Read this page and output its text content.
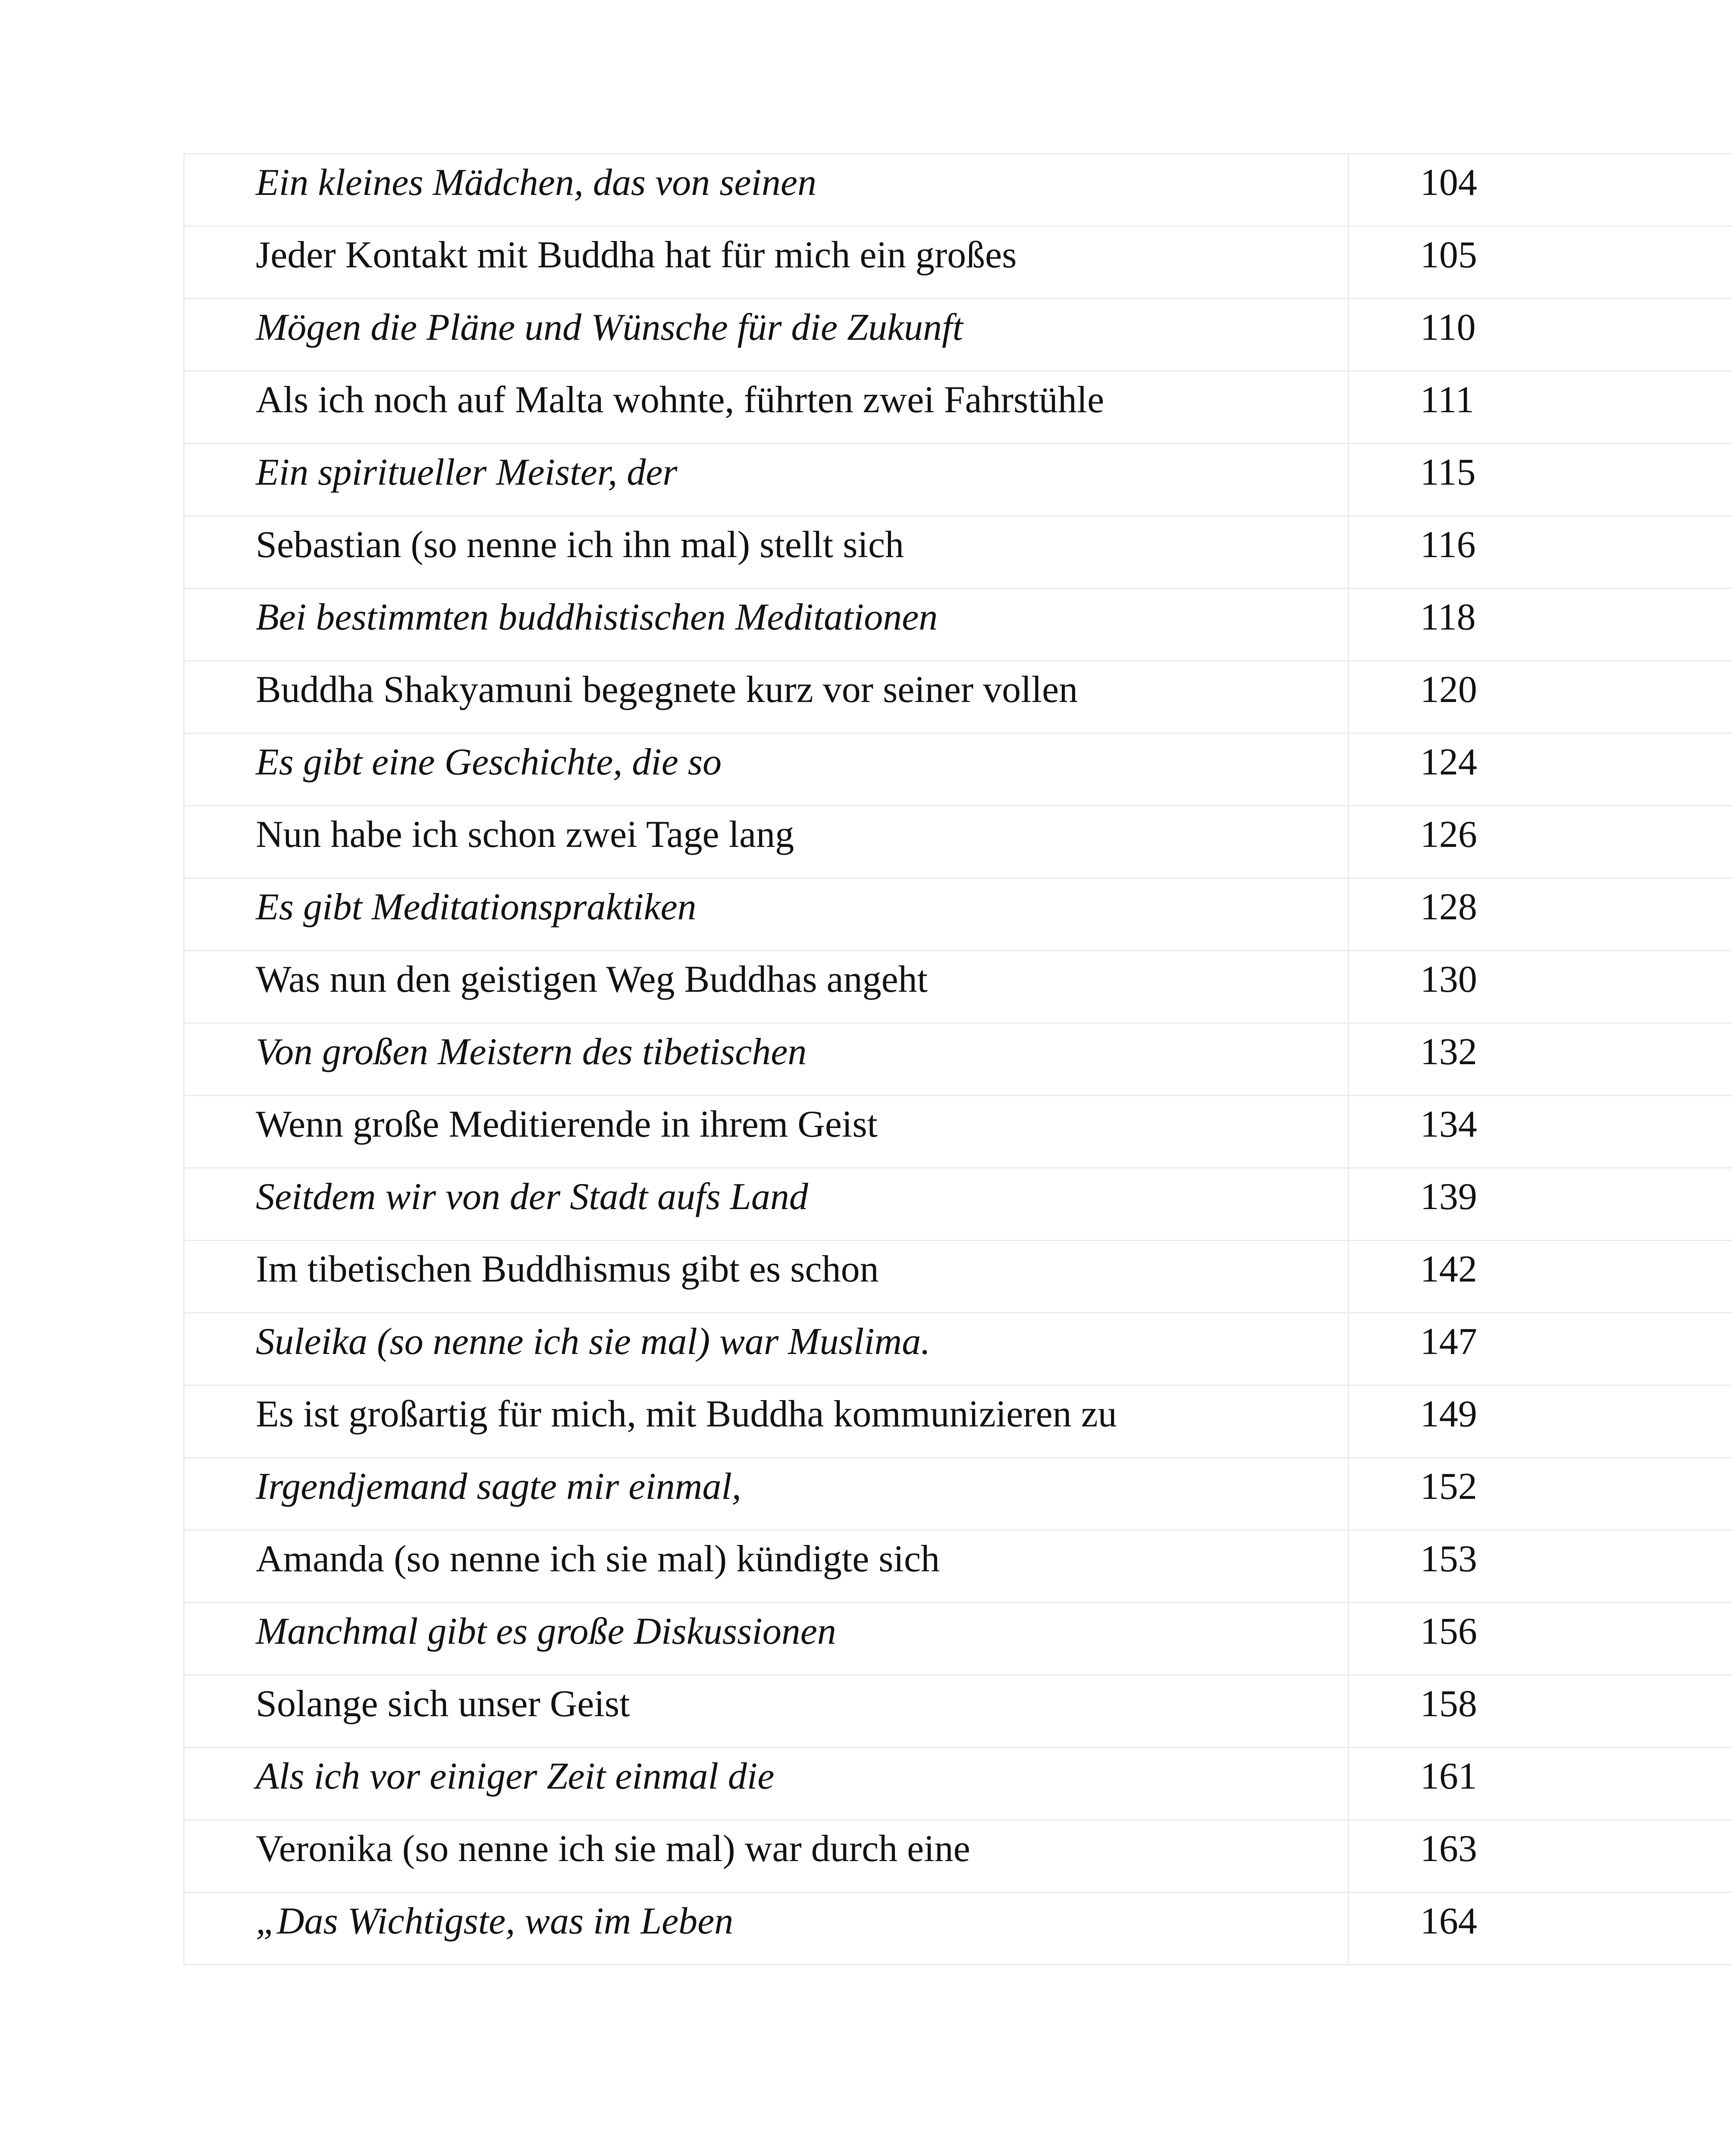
Ein kleines Mädchen, das von seinen	104
Jeder Kontakt mit Buddha hat für mich ein großes	105
Mögen die Pläne und Wünsche für die Zukunft	110
Als ich noch auf Malta wohnte, führten zwei Fahrstühle	111
Ein spiritueller Meister, der	115
Sebastian (so nenne ich ihn mal) stellt sich	116
Bei bestimmten buddhistischen Meditationen	118
Buddha Shakyamuni begegnete kurz vor seiner vollen	120
Es gibt eine Geschichte, die so	124
Nun habe ich schon zwei Tage lang	126
Es gibt Meditationspraktiken	128
Was nun den geistigen Weg Buddhas angeht	130
Von großen Meistern des tibetischen	132
Wenn große Meditierende in ihrem Geist	134
Seitdem wir von der Stadt aufs Land	139
Im tibetischen Buddhismus gibt es schon	142
Suleika (so nenne ich sie mal) war Muslima.	147
Es ist großartig für mich, mit Buddha kommunizieren zu	149
Irgendjemand sagte mir einmal,	152
Amanda (so nenne ich sie mal) kündigte sich	153
Manchmal gibt es große Diskussionen	156
Solange sich unser Geist	158
Als ich vor einiger Zeit einmal die	161
Veronika (so nenne ich sie mal) war durch eine	163
„Das Wichtigste, was im Leben	164
